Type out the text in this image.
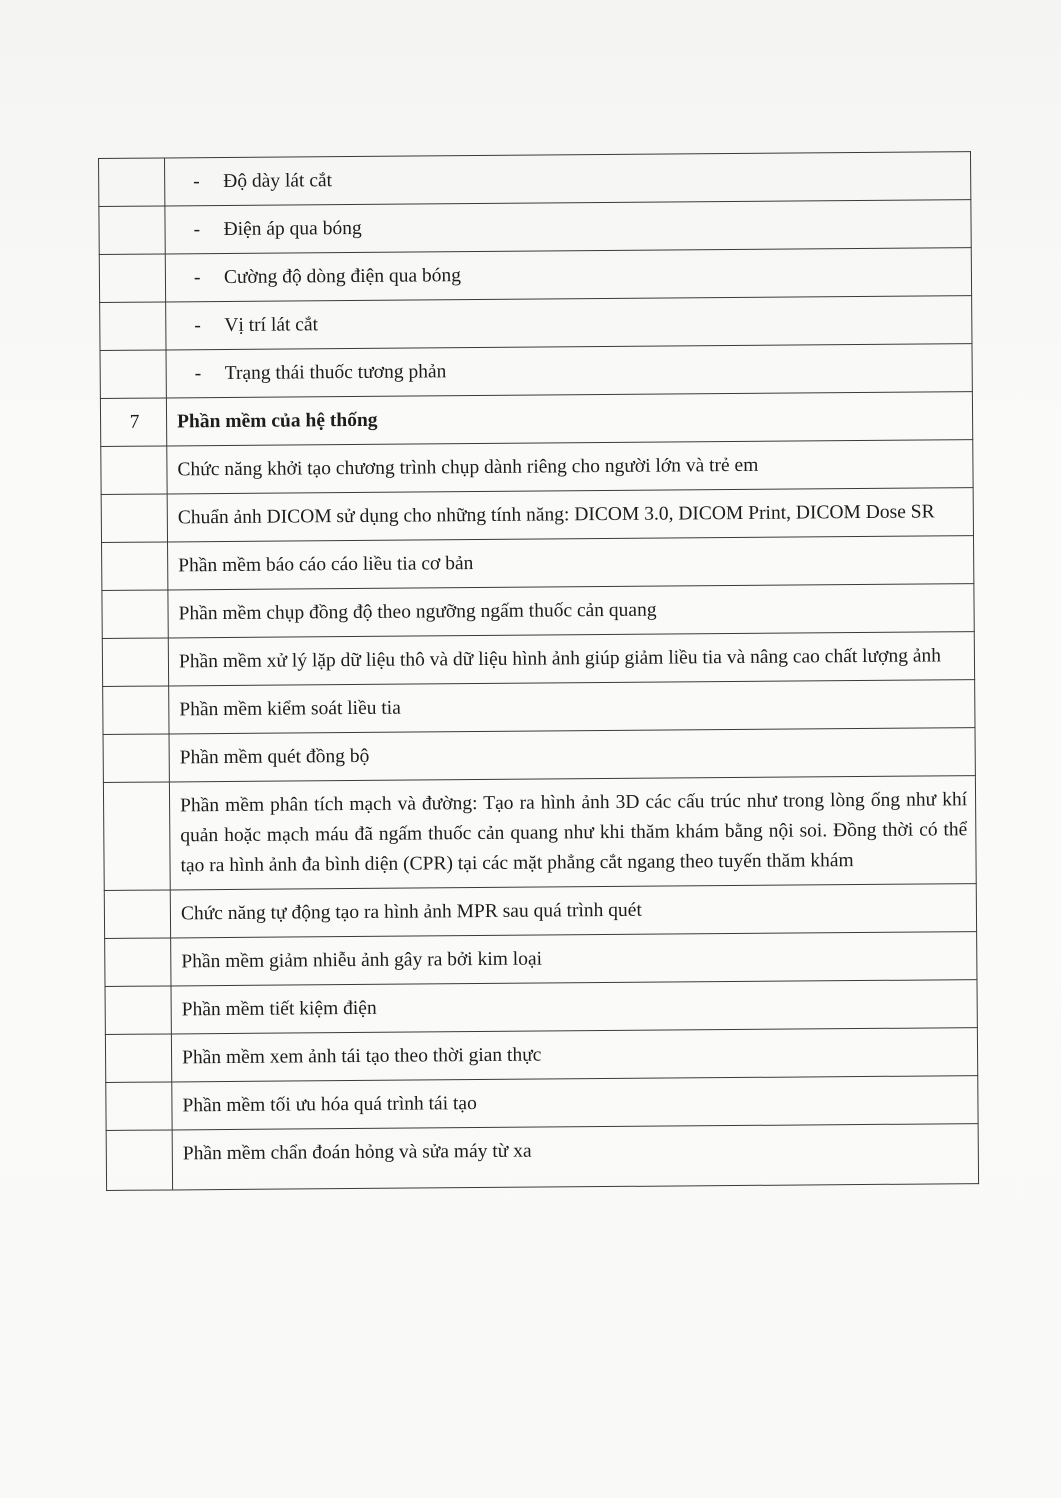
	- Độ dày lát cắt
	- Điện áp qua bóng
	- Cường độ dòng điện qua bóng
	- Vị trí lát cắt
	- Trạng thái thuốc tương phản
7	Phần mềm của hệ thống
	Chức năng khởi tạo chương trình chụp dành riêng cho người lớn và trẻ em
	Chuẩn ảnh DICOM sử dụng cho những tính năng: DICOM 3.0, DICOM Print, DICOM Dose SR
	Phần mềm báo cáo cáo liều tia cơ bản
	Phần mềm chụp đồng độ theo ngưỡng ngấm thuốc cản quang
	Phần mềm xử lý lặp dữ liệu thô và dữ liệu hình ảnh giúp giảm liều tia và nâng cao chất lượng ảnh
	Phần mềm kiểm soát liều tia
	Phần mềm quét đồng bộ
	Phần mềm phân tích mạch và đường: Tạo ra hình ảnh 3D các cấu trúc như trong lòng ống như khí quản hoặc mạch máu đã ngấm thuốc cản quang như khi thăm khám bằng nội soi. Đồng thời có thể tạo ra hình ảnh đa bình diện (CPR) tại các mặt phẳng cắt ngang theo tuyến thăm khám
	Chức năng tự động tạo ra hình ảnh MPR sau quá trình quét
	Phần mềm giảm nhiễu ảnh gây ra bởi kim loại
	Phần mềm tiết kiệm điện
	Phần mềm xem ảnh tái tạo theo thời gian thực
	Phần mềm tối ưu hóa quá trình tái tạo
	Phần mềm chẩn đoán hỏng và sửa máy từ xa
